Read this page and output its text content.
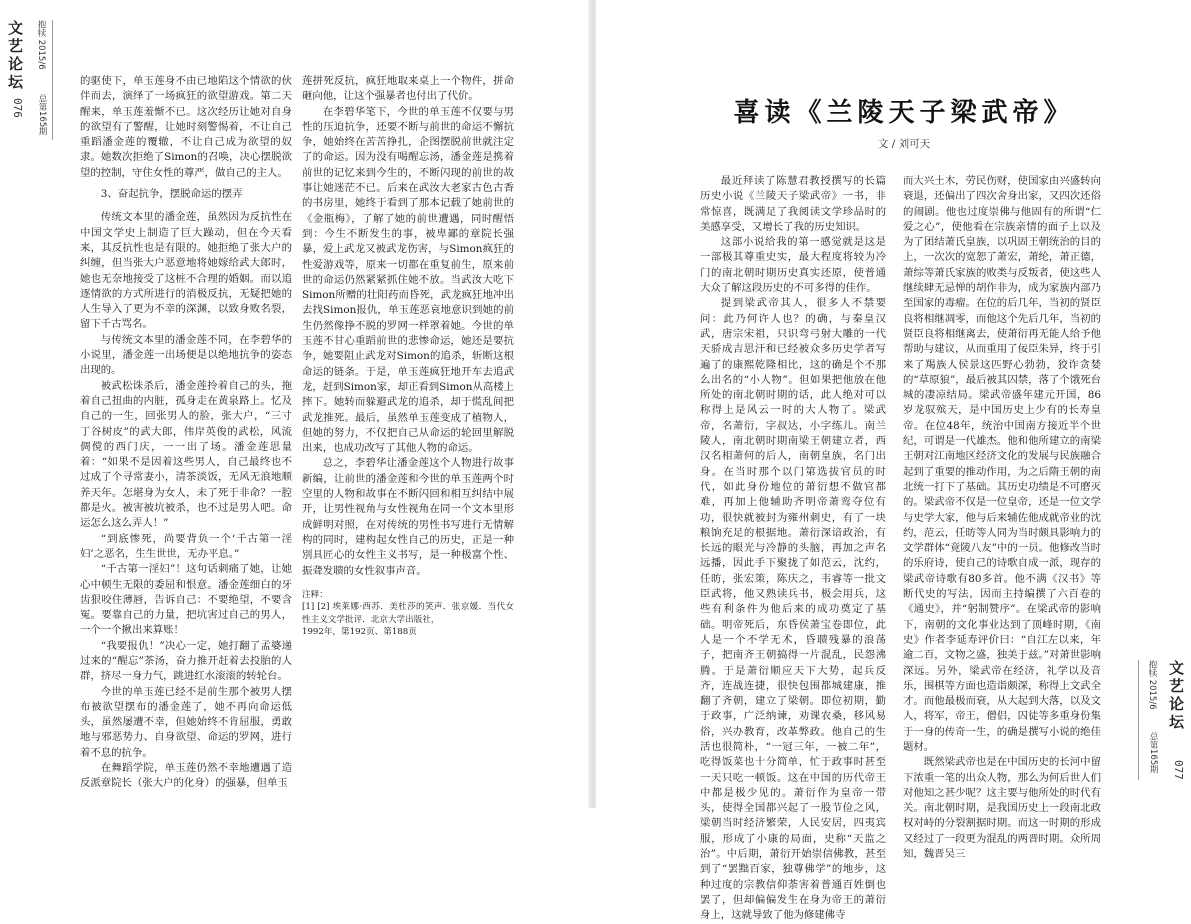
文艺论坛
076
抱犊 2015/6
总第165期

的驱使下，单玉莲身不由已地陷这个情欲的伙伴而去，演绎了一场疯狂的欲望游戏。第二天醒来，单玉莲羞惭不已。这次经历让她对自身的欲望有了警醒，让她时刻警惕着，不让自己重蹈潘金莲的覆辙，不让自己成为欲望的奴隶。她数次拒绝了Simon的召唤，决心摆脱欲望的控制，守住女性的尊严，做自己的主人。

3、奋起抗争，摆脱命运的摆弄

传统文本里的潘金莲，虽然因为反抗性在中国文学史上制造了巨大躁动，但在今天看来，其反抗性也是有限的。她拒绝了张大户的纠缠，但当张大户恶意地将她嫁给武大郎时，她也无奈地接受了这桩不合理的婚姻。而以追逐情欲的方式所进行的消极反抗，无疑把她的人生导入了更为不幸的深渊，以致身败名裂，留下千古骂名。

与传统文本里的潘金莲不同，在李碧华的小说里，潘金莲一出场便是以绝地抗争的姿态出现的。

被武松诛杀后，潘金莲拎着自己的头，拖着自己扭曲的内脏，孤身走在黄泉路上。忆及自己的一生，回张男人的脸，张大户，“三寸丁谷树皮”的武大郎，伟岸英俊的武松，风流倜傥的西门庆，一一出了场。潘金莲思量着：“如果不是因着这些男人，自己最终也不过成了个寻常妻小，清茶淡饭，无风无浪地顺养天年。怎堪身为女人，未了死于非命？一腔都是火。被害被坑被杀，也不过是男人吧。命运怎么这么弄人！”

“到底惨死，尚要背负一个‘千古第一淫妇’之恶名，生生世世，无办平息。”

“千古第一淫妇”！这句话刺痛了她，让她心中顿生无限的委屈和恨意。潘金莲细白的牙齿狠咬住薄唇，告诉自己：不要绝望，不要含冤。要靠自己的力量，把坑害过自己的男人，一个一个揪出来算账！

“我要报仇！”决心一定，她打翻了孟婆递过来的“醒忘”茶汤，奋力推开赶着去投胎的人群，挤尽一身力气，跳进红水滚滚的转轮台。

今世的单玉莲已经不是前生那个被男人摆布被欲望摆布的潘金莲了，她不再向命运低头，虽然屡遭不幸，但她始终不肯屈服，勇敢地与邪恶势力、自身欲望、命运的罗网，进行着不息的抗争。

在舞蹈学院，单玉莲仍然不幸地遭遇了造反派章院长（张大户的化身）的强暴，但单玉

莲拼死反抗，疯狂地取来桌上一个物件，拼命砸向他，让这个强暴者也付出了代价。

在李碧华笔下，今世的单玉莲不仅要与男性的压迫抗争，还要不断与前世的命运不懈抗争，她始终在苦苦挣扎，企图摆脱前世就注定了的命运。因为没有喝醒忘汤，潘金莲是携着前世的记忆来到今生的，不断闪现的前世的故事让她迷茫不已。后来在武汝大老家古色古香的书房里，她终于看到了那本记载了她前世的《金瓶梅》，了解了她的前世遭遇，同时醒悟到：今生不断发生的事，被卑鄙的章院长强暴，爱上武龙又被武龙伤害，与Simon疯狂的性爱游戏等，原来一切都在重复前生，原来前世的命运仍然紧紧抓住她不放。当武汝大吃下Simon所赠的壮阳药而昏死，武龙疯狂地冲出去找Simon报仇，单玉莲恶哀地意识到她的前生仍然像挣不脱的罗网一样罩着她。今世的单玉莲不甘心重蹈前世的悲惨命运，她还是要抗争，她要阻止武龙对Simon的追杀，斩断这根命运的链条。于是，单玉莲疯狂地开车去追武龙，赶到Simon家，却正看到Simon从高楼上摔下。她转而躲避武龙的追杀，却于慌乱间把武龙推死。最后，虽然单玉莲变成了植物人，但她的努力，不仅把自己从命运的轮回里解脱出来，也成功改写了其他人物的命运。

总之，李碧华让潘金莲这个人物进行故事新编，让前世的潘金莲和今世的单玉莲两个时空里的人物和故事在不断闪回和相互纠结中展开，让男性视角与女性视角在同一个文本里形成鲜明对照，在对传统的男性书写进行无情解构的同时，建构起女性自己的历史，正是一种別具匠心的女性主义书写，是一种极富个性、振聋发聩的女性叙事声音。

注释：
[1] [2] 埃莱娜·西苏．美杜莎的笑声．张京媛．当代女性主义文学批评．北京大学出版社，
1992年，第192页、第188页
喜读《兰陵天子梁武帝》
文 / 刘可天

最近拜读了陈慧君教授撰写的长篇历史小说《兰陵天子梁武帝》一书，非常惊喜，既满足了我阅读文学珍品时的美感享受，又增长了我的历史知识。

这部小说给我的第一感觉就是这是一部极其尊重史实，最大程度将较为冷门的南北朝时期历史真实还原，使普通大众了解这段历史的不可多得的佳作。

提到梁武帝其人，很多人不禁要问：此乃何许人也？的确，与秦皇汉武，唐宗宋祖，只识弯弓射大雕的一代天骄成吉思汗和已经被众多历史学者写遍了的康熙乾隆相比，这的确是个不那么出名的“小人物”。但如果把他放在他所处的南北朝时期的话，此人绝对可以称得上是风云一时的大人物了。梁武帝，名萧衍，字叔达，小字练儿。南兰陵人，南北朝时期南梁王朝建立者，西汉名相萧何的后人，南朝皇族，名门出身。在当时那个以门第选拔官员的时代，如此身份地位的萧衍想不做官都难，再加上他辅助齐明帝萧鸾夺位有功，很快就被封为雍州刺史，有了一块粮饷充足的根据地。萧衍深谙政治，有长远的眼光与冷静的头脑，再加之声名远播，因此手下聚拢了如范云，沈约，任昉，张宏策，陈庆之，韦睿等一批文臣武将，他又熟读兵书，极会用兵，这些有利条件为他后来的成功奠定了基础。明帝死后，东昏侯萧宝卷即位，此人是一个不学无术，昏聩残暴的浪荡子，把南齐王朝搞得一片混乱，民怨沸腾。于是萧衍顺应天下大势，起兵反齐，连战连捷，很快包围都城建康，推翻了齐朝，建立了梁朝。即位初期，勤于政事，广泛纳谏，劝课农桑，移风易俗，兴办教育，改革弊政。他自己的生活也很简朴，“一冠三年，一被二年”，吃得饭菜也十分简单，忙于政事时甚至一天只吃一顿饭。这在中国的历代帝王中都是极少见的。萧衍作为皇帝一带头，使得全国都兴起了一股节俭之风，梁朝当时经济繁荣，人民安居，四夷宾服，形成了小康的局面，史称“天监之治”。中后期，萧衍开始崇信佛教，甚至到了“罢黜百家，独尊佛学”的地步，这种过度的宗教信仰荼害着普通百姓倒也罢了，但却偏偏发生在身为帝王的萧衍身上，这就导致了他为修建佛寺

而大兴土木，劳民伤财，使国家由兴盛转向衰退，还偏出了四次舍身出家，又四次还俗的闹剧。他也过度崇佛与他固有的所谓“仁爱之心”，使他看在宗族亲情的面子上以及为了团结萧氏皇族，以巩固王朝统治的目的上，一次次的宽恕了萧宏，萧纶，萧正德，萧综等萧氏家族的败类与反叛者，使这些人继续肆无忌惮的胡作非为，成为家族内部乃至国家的毒瘤。在位的后几年，当初的贤臣良将相继凋零，而他这个先后几年，当初的贤臣良将相继离去，使萧衍再无能人给予他帮助与建议，从而重用了佞臣朱异，终于引来了羯族人侯景这匹野心勃勃，狡诈贪婪的“草原狼”，最后被其囚禁，落了个饿死台城的凄凉结局。梁武帝盛年建元开国，86岁龙驭殡天，是中国历史上少有的长寿皇帝。在位48年，统治中国南方接近半个世纪，可谓是一代雄杰。他和他所建立的南梁王朝对江南地区经济文化的发展与民族融合起到了重要的推动作用，为之后隋王朝的南北统一打下了基础。其历史功绩是不可磨灭的。梁武帝不仅是一位皇帝，还是一位文学与史学大家，他与后来辅佐他成就帝业的沈约，范云，任昉等人同为当时颇具影响力的文学群体“竟陵八友”中的一员。他修改当时的乐府诗，使自己的诗歌自成一派，现存的梁武帝诗歌有80多首。他不满《汉书》等断代史的写法，因而主持编撰了六百卷的《通史》，并“躬制赞序”。在梁武帝的影响下，南朝的文化事业达到了顶峰时期，《南史》作者李延寿评价曰：“自江左以来，年逾二百，文物之盛，独美于兹。”对萧世影响深远。另外，梁武帝在经济，礼学以及音乐，围棋等方面也造诣颇深，称得上文武全才。而他最极而衰，从大起到大落，以及文人，将军，帝王，僧侣，囚徒等多重身份集于一身的传奇一生，的确是撰写小说的绝佳题材。

既然梁武帝也是在中国历史的长河中留下浓重一笔的出众人物，那么为何后世人们对他知之甚少呢？这主要与他所处的时代有关。南北朝时期，是我国历史上一段南北政权对峙的分裂割据时期。而这一时期的形成又经过了一段更为混乱的两晋时期。众所周知，魏晋吴三

文艺论坛
077
抱犊 2015/6
总第165期
